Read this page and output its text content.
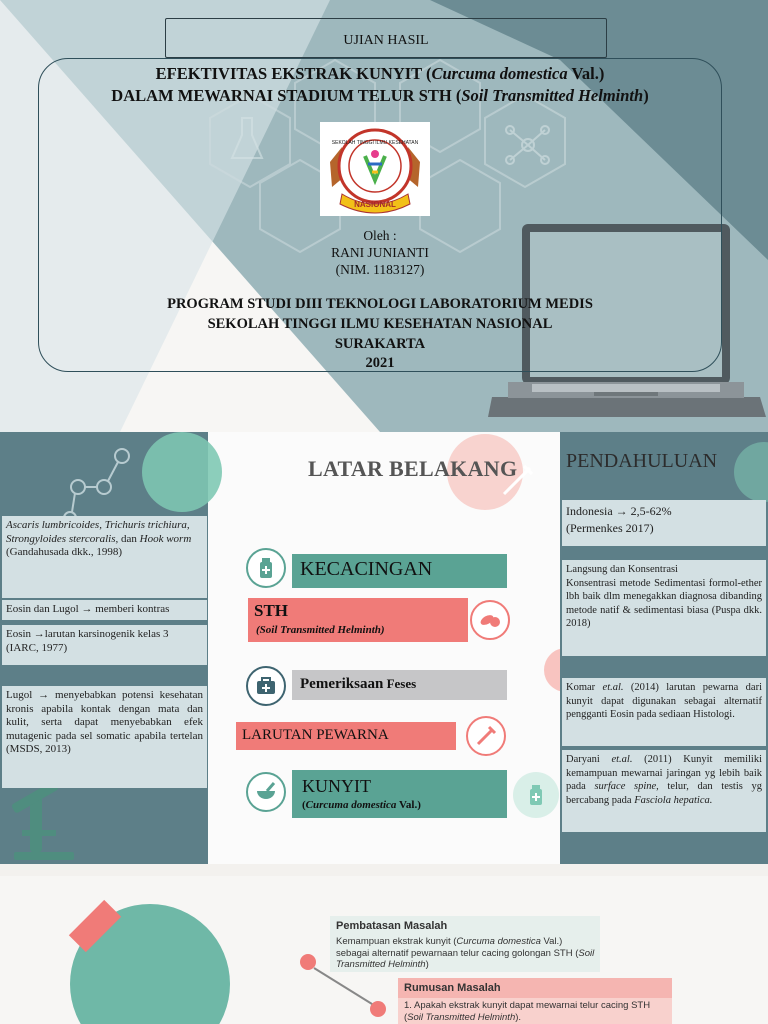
UJIAN HASIL
EFEKTIVITAS EKSTRAK KUNYIT (Curcuma domestica Val.)
DALAM MEWARNAI STADIUM TELUR STH (Soil Transmitted Helminth)
SEKOLAH TINGGI ILMU KESEHATAN
NASIONAL
Oleh :
RANI JUNIANTI
(NIM. 1183127)
PROGRAM STUDI DIII TEKNOLOGI LABORATORIUM MEDIS
SEKOLAH TINGGI ILMU KESEHATAN NASIONAL
SURAKARTA
2021
Ascaris lumbricoides, Trichuris trichiura, Strongyloides stercoralis, dan Hook worm (Gandahusada dkk., 1998)
Eosin dan Lugol → memberi kontras
Eosin →larutan karsinogenik kelas 3 (IARC, 1977)
Lugol → menyebabkan potensi kesehatan kronis apabila kontak dengan mata dan kulit, serta dapat menyebabkan efek mutagenic pada sel somatic apabila tertelan (MSDS, 2013)
LATAR BELAKANG PENDAHULUAN
KECACINGAN
STH
(Soil Transmitted Helminth)
Pemeriksaan Feses
LARUTAN PEWARNA
KUNYIT
(Curcuma domestica Val.)
Indonesia → 2,5-62%
(Permenkes 2017)
Langsung dan Konsentrasi
Konsentrasi metode Sedimentasi formol-ether lbh baik dlm menegakkan diagnosa dibanding metode natif & sedimentasi biasa (Puspa dkk. 2018)
Komar et.al. (2014) larutan pewarna dari kunyit dapat digunakan sebagai alternatif pengganti Eosin pada sediaan Histologi.
Daryani et.al. (2011) Kunyit memiliki kemampuan mewarnai jaringan yg lebih baik pada surface spine, telur, dan testis yg bercabang pada Fasciola hepatica.
Pembatasan Masalah
Kemampuan ekstrak kunyit (Curcuma domestica Val.) sebagai alternatif pewarnaan telur cacing golongan STH (Soil Transmitted Helminth)
Rumusan Masalah
1. Apakah ekstrak kunyit dapat mewarnai telur cacing STH (Soil Transmitted Helminth).
